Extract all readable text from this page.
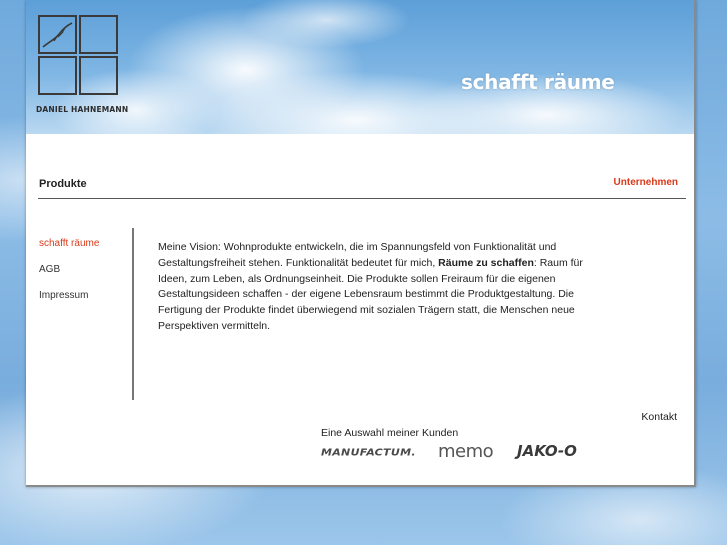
DANIEL HAHNEMANN
schafft räume
Produkte	Unternehmen
schafft räume
AGB
Impressum
Meine Vision: Wohnprodukte entwickeln, die im Spannungsfeld von Funktionalität und Gestaltungsfreiheit stehen. Funktionalität bedeutet für mich, Räume zu schaffen: Raum für Ideen, zum Leben, als Ordnungseinheit. Die Produkte sollen Freiraum für die eigenen Gestaltungsideen schaffen - der eigene Lebensraum bestimmt die Produktgestaltung. Die Fertigung der Produkte findet überwiegend mit sozialen Trägern statt, die Menschen neue Perspektiven vermitteln.
Kontakt
Eine Auswahl meiner Kunden
MANUFACTUM. memo JAKO-O
